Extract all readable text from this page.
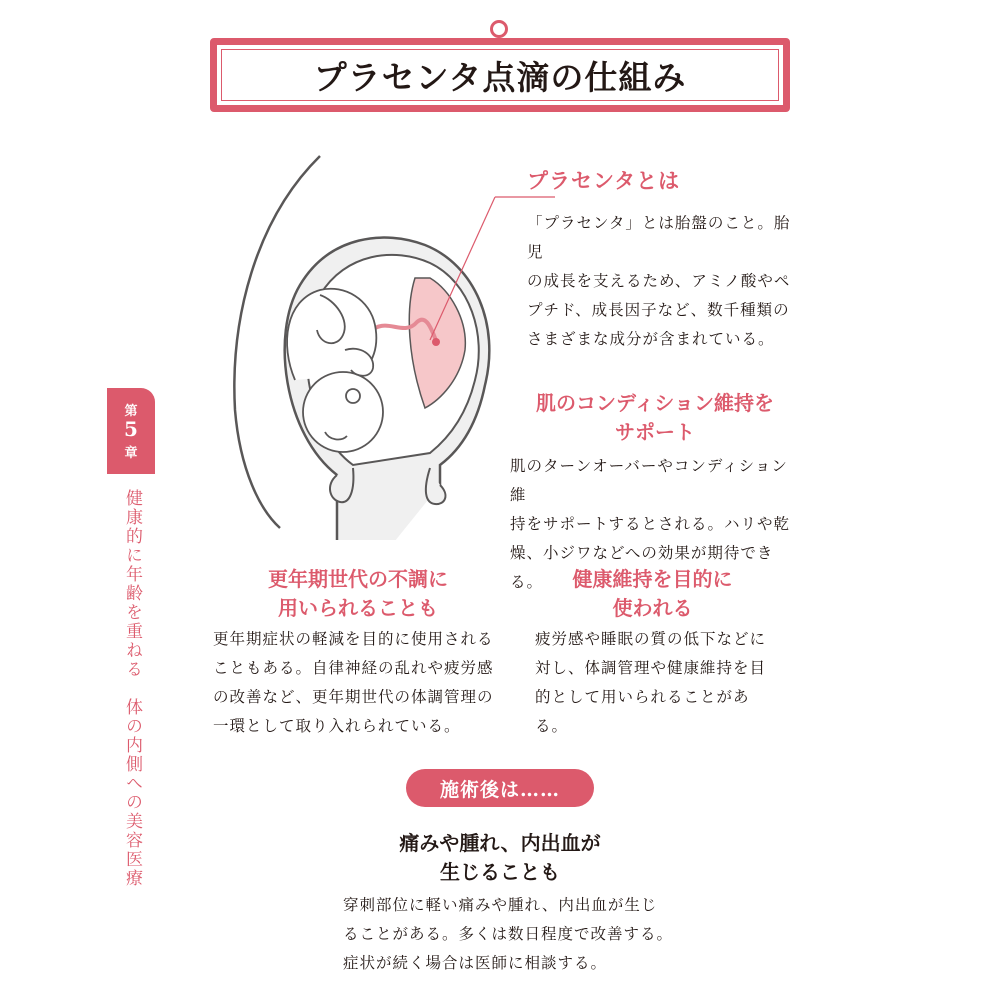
プラセンタ点滴の仕組み
プラセンタとは
「プラセンタ」とは胎盤のこと。胎児
の成長を支えるため、アミノ酸やペ
プチド、成長因子など、数千種類の
さまざまな成分が含まれている。
肌のコンディション維持を
サポート
肌のターンオーバーやコンディション維
持をサポートするとされる。ハリや乾
燥、小ジワなどへの効果が期待できる。
更年期世代の不調に
用いられることも
更年期症状の軽減を目的に使用される
こともある。自律神経の乱れや疲労感
の改善など、更年期世代の体調管理の
一環として取り入れられている。
健康維持を目的に
使われる
疲労感や睡眠の質の低下などに
対し、体調管理や健康維持を目
的として用いられることがある。
第
5
章
健康的に年齢を重ねる　体の内側への美容医療	施術後は……
痛みや腫れ、内出血が
生じることも
穿刺部位に軽い痛みや腫れ、内出血が生じ
ることがある。多くは数日程度で改善する。
症状が続く場合は医師に相談する。
